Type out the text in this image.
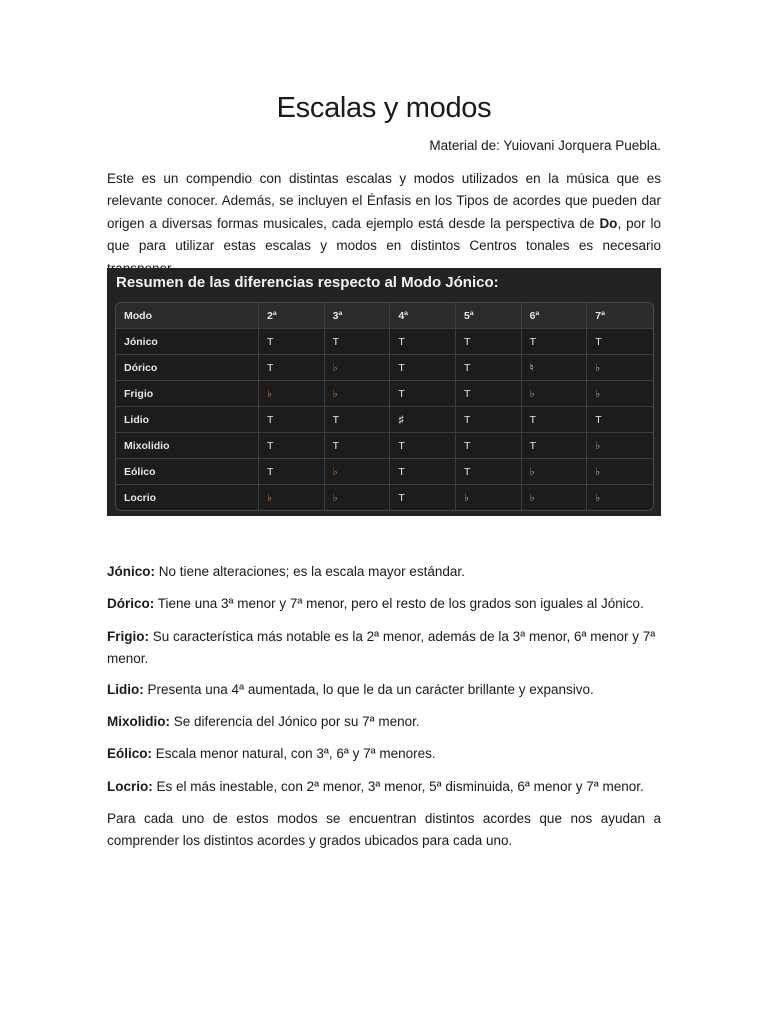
Escalas y modos
Material de: Yuiovani Jorquera Puebla.

Este es un compendio con distintas escalas y modos utilizados en la música que es relevante conocer. Además, se incluyen el Énfasis en los Tipos de acordes que pueden dar origen a diversas formas musicales, cada ejemplo está desde la perspectiva de Do, por lo que para utilizar estas escalas y modos en distintos Centros tonales es necesario

Resumen de las diferencias respecto al Modo Jónico:
Modo	2ª	3ª	4ª	5ª	6ª	7ª
Jónico	T	T	T	T	T	T
Dórico	T	♭	T	T	♮	♭
Frigio	♭	♭	T	T	♭	♭
Lidio	T	T	♯	T	T	T
Mixolidio	T	T	T	T	T	♭
Eólico	T	♭	T	T	♭	♭
Locrio	♭	♭	T	♭	♭	♭

Jónico: No tiene alteraciones; es la escala mayor estándar.

Dórico: Tiene una 3ª menor y 7ª menor, pero el resto de los grados son iguales al Jónico.

Frigio: Su característica más notable es la 2ª menor, además de la 3ª menor, 6ª menor y 7ª menor.

Lidio: Presenta una 4ª aumentada, lo que le da un carácter brillante y expansivo.

Mixolidio: Se diferencia del Jónico por su 7ª menor.

Eólico: Escala menor natural, con 3ª, 6ª y 7ª menores.

Locrio: Es el más inestable, con 2ª menor, 3ª menor, 5ª disminuida, 6ª menor y 7ª menor.

Para cada uno de estos modos se encuentran distintos acordes que nos ayudan a comprender los distintos acordes y grados ubicados para cada uno.
